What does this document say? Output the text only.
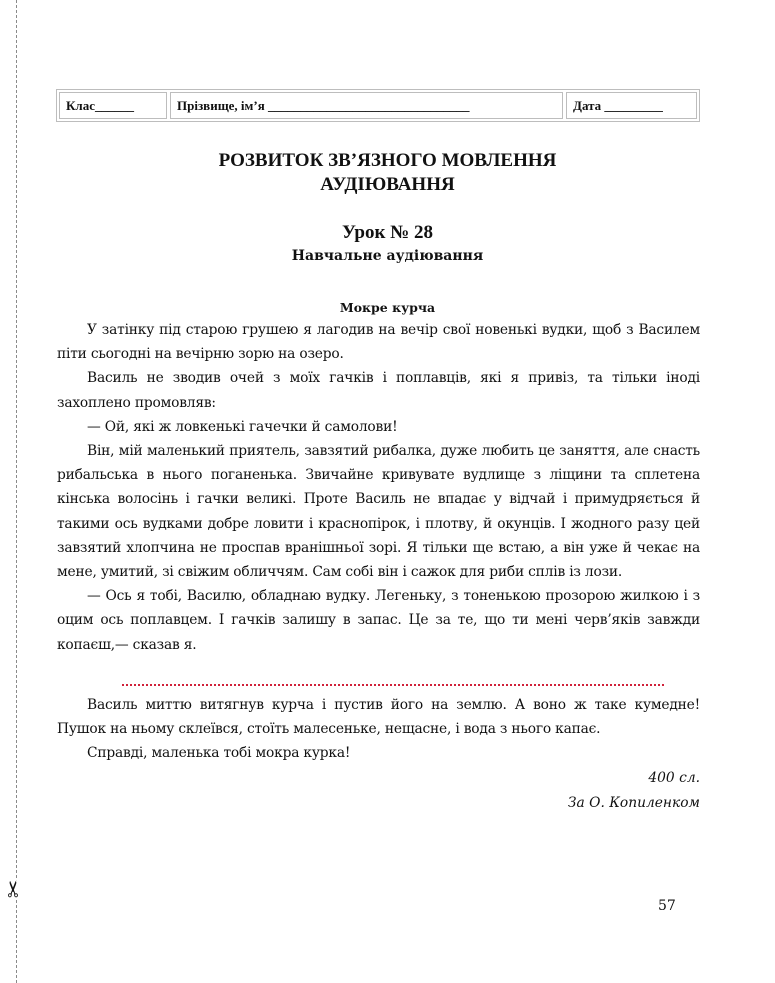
✂
Клас______	Прізвище, ім’я _______________________________	Дата _________
РОЗВИТОК ЗВ’ЯЗНОГО МОВЛЕННЯ
АУДІЮВАННЯ
Урок № 28
Навчальне аудіювання
Мокре курча

У затінку під старою грушею я лагодив на вечір свої новенькі вудки, щоб з Василем піти сьогодні на вечірню зорю на озеро.

Василь не зводив очей з моїх гачків і поплавців, які я привіз, та тільки іноді захоплено промовляв:

— Ой, які ж ловкенькі гачечки й самолови!

Він, мій маленький приятель, завзятий рибалка, дуже любить це заняття, але снасть рибальська в нього поганенька. Звичайне кривувате вудлище з ліщини та сплетена кінська волосінь і гачки великі. Проте Василь не впадає у відчай і примудряється й такими ось вудками добре ловити і краснопірок, і плотву, й окунців. І жодного разу цей завзятий хлопчина не проспав вранішньої зорі. Я тільки ще встаю, а він уже й чекає на мене, умитий, зі свіжим обличчям. Сам собі він і сажок для риби сплів із лози.

— Ось я тобі, Василю, обладнаю вудку. Легеньку, з тоненькою прозорою жилкою і з оцим ось поплавцем. І гачків залишу в запас. Це за те, що ти мені черв’яків завжди копаєш,— сказав я.

Василь миттю витягнув курча і пустив його на землю. А воно ж таке кумедне! Пушок на ньому склеївся, стоїть малесеньке, нещасне, і вода з нього капає.

Справді, маленька тобі мокра курка!

400 сл.
За О. Копиленком
57
